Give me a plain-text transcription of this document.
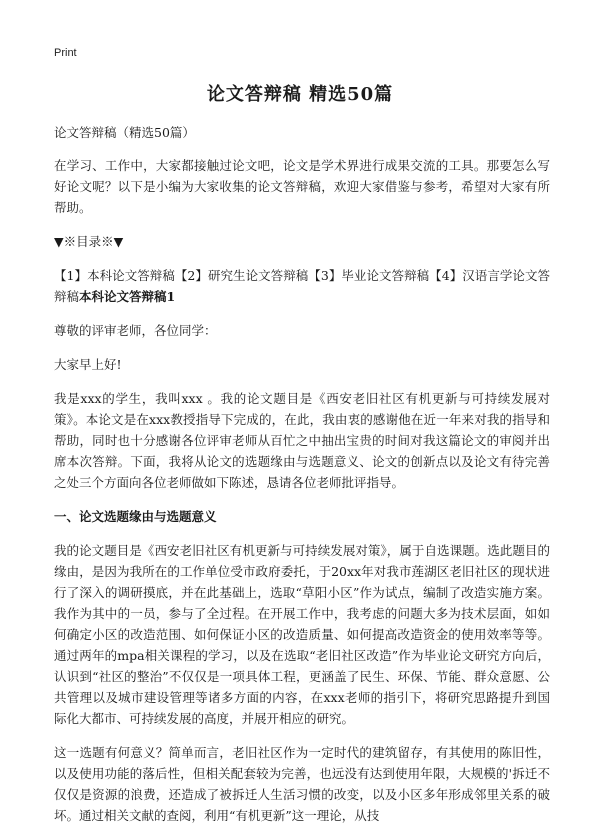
Print
论文答辩稿 精选50篇

论文答辩稿（精选50篇）

在学习、工作中，大家都接触过论文吧，论文是学术界进行成果交流的工具。那要怎么写好论文呢？以下是小编为大家收集的论文答辩稿，欢迎大家借鉴与参考，希望对大家有所帮助。

▼※目录※▼

【1】本科论文答辩稿【2】研究生论文答辩稿【3】毕业论文答辩稿【4】汉语言学论文答辩稿本科论文答辩稿1

尊敬的评审老师，各位同学：

大家早上好!

我是xxx的学生，我叫xxx 。我的论文题目是《西安老旧社区有机更新与可持续发展对策》。本论文是在xxx教授指导下完成的，在此，我由衷的感谢他在近一年来对我的指导和帮助，同时也十分感谢各位评审老师从百忙之中抽出宝贵的时间对我这篇论文的审阅并出席本次答辩。下面，我将从论文的选题缘由与选题意义、论文的创新点以及论文有待完善之处三个方面向各位老师做如下陈述，恳请各位老师批评指导。

一、论文选题缘由与选题意义

我的论文题目是《西安老旧社区有机更新与可持续发展对策》，属于自选课题。选此题目的缘由，是因为我所在的工作单位受市政府委托，于20xx年对我市莲湖区老旧社区的现状进行了深入的调研摸底，并在此基础上，选取“草阳小区”作为试点，编制了改造实施方案。我作为其中的一员，参与了全过程。在开展工作中，我考虑的问题大多为技术层面，如如何确定小区的改造范围、如何保证小区的改造质量、如何提高改造资金的使用效率等等。通过两年的mpa相关课程的学习，以及在选取“老旧社区改造”作为毕业论文研究方向后，认识到“社区的整治”不仅仅是一项具体工程，更涵盖了民生、环保、节能、群众意愿、公共管理以及城市建设管理等诸多方面的内容，在xxx老师的指引下，将研究思路提升到国际化大都市、可持续发展的高度，并展开相应的研究。

这一选题有何意义？简单而言，老旧社区作为一定时代的建筑留存，有其使用的陈旧性，以及使用功能的落后性，但相关配套较为完善，也远没有达到使用年限，大规模的'拆迁不仅仅是资源的浪费，还造成了被拆迁人生活习惯的改变，以及小区多年形成邻里关系的破坏。通过相关文献的查阅，利用“有机更新”这一理论，从技
